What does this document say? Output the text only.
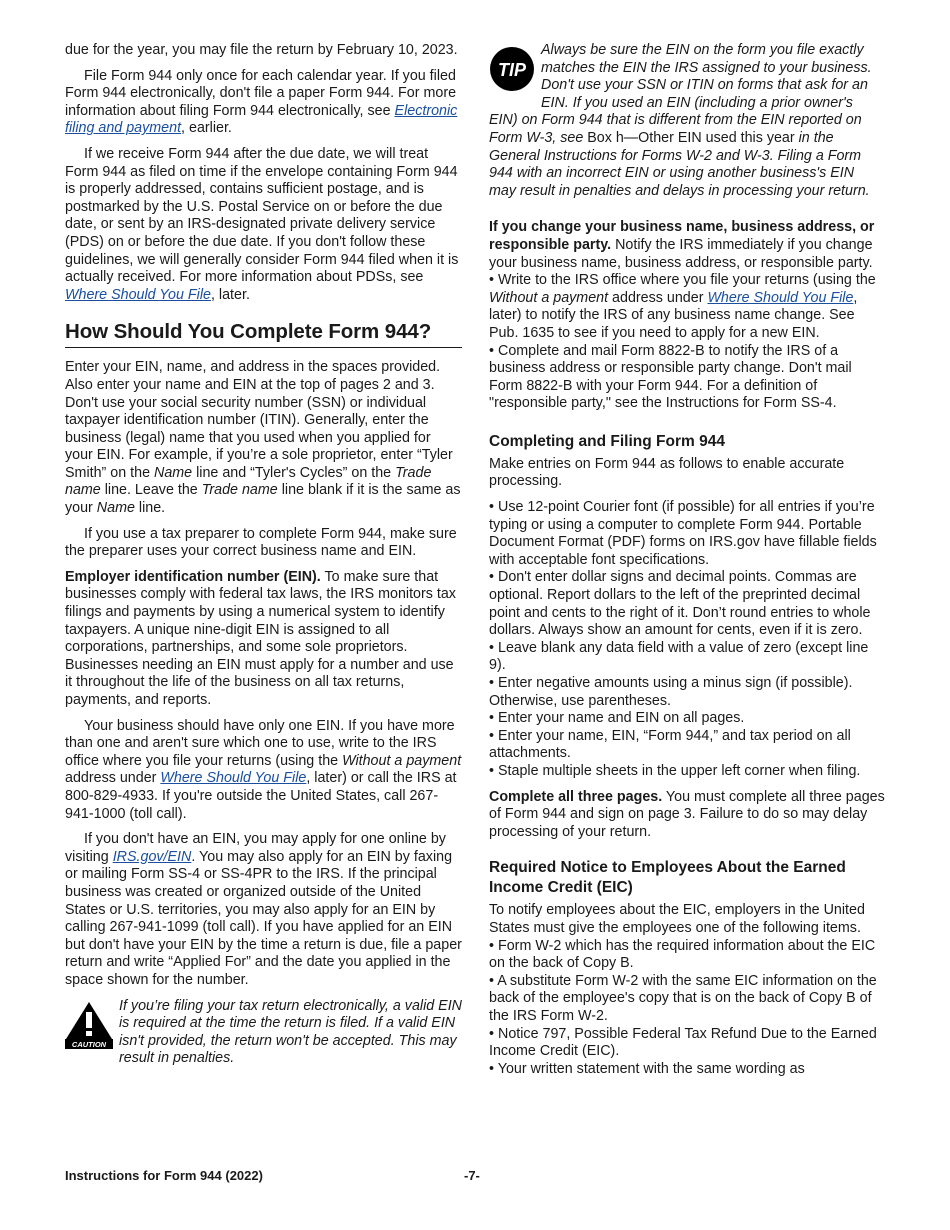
due for the year, you may file the return by February 10, 2023.

File Form 944 only once for each calendar year. If you filed Form 944 electronically, don't file a paper Form 944. For more information about filing Form 944 electronically, see Electronic filing and payment, earlier.

If we receive Form 944 after the due date, we will treat Form 944 as filed on time if the envelope containing Form 944 is properly addressed, contains sufficient postage, and is postmarked by the U.S. Postal Service on or before the due date, or sent by an IRS-designated private delivery service (PDS) on or before the due date. If you don't follow these guidelines, we will generally consider Form 944 filed when it is actually received. For more information about PDSs, see Where Should You File, later.

How Should You Complete Form 944?

Enter your EIN, name, and address in the spaces provided. Also enter your name and EIN at the top of pages 2 and 3. Don't use your social security number (SSN) or individual taxpayer identification number (ITIN). Generally, enter the business (legal) name that you used when you applied for your EIN. For example, if you’re a sole proprietor, enter “Tyler Smith” on the Name line and “Tyler's Cycles” on the Trade name line. Leave the Trade name line blank if it is the same as your Name line.

If you use a tax preparer to complete Form 944, make sure the preparer uses your correct business name and EIN.

Employer identification number (EIN). To make sure that businesses comply with federal tax laws, the IRS monitors tax filings and payments by using a numerical system to identify taxpayers. A unique nine-digit EIN is assigned to all corporations, partnerships, and some sole proprietors. Businesses needing an EIN must apply for a number and use it throughout the life of the business on all tax returns, payments, and reports.

Your business should have only one EIN. If you have more than one and aren't sure which one to use, write to the IRS office where you file your returns (using the Without a payment address under Where Should You File, later) or call the IRS at 800-829-4933. If you're outside the United States, call 267-941-1000 (toll call).

If you don't have an EIN, you may apply for one online by visiting IRS.gov/EIN. You may also apply for an EIN by faxing or mailing Form SS-4 or SS-4PR to the IRS. If the principal business was created or organized outside of the United States or U.S. territories, you may also apply for an EIN by calling 267-941-1099 (toll call). If you have applied for an EIN but don't have your EIN by the time a return is due, file a paper return and write “Applied For” and the date you applied in the space shown for the number.

CAUTION
If you’re filing your tax return electronically, a valid EIN is required at the time the return is filed. If a valid EIN isn't provided, the return won't be accepted. This may result in penalties.
TIP
Always be sure the EIN on the form you file exactly matches the EIN the IRS assigned to your business. Don't use your SSN or ITIN on forms that ask for an EIN. If you used an EIN (including a prior owner's EIN) on Form 944 that is different from the EIN reported on Form W-3, see Box h—Other EIN used this year in the General Instructions for Forms W-2 and W-3. Filing a Form 944 with an incorrect EIN or using another business's EIN may result in penalties and delays in processing your return.

If you change your business name, business address, or responsible party. Notify the IRS immediately if you change your business name, business address, or responsible party.

• Write to the IRS office where you file your returns (using the Without a payment address under Where Should You File, later) to notify the IRS of any business name change. See Pub. 1635 to see if you need to apply for a new EIN.

• Complete and mail Form 8822-B to notify the IRS of a business address or responsible party change. Don't mail Form 8822-B with your Form 944. For a definition of "responsible party," see the Instructions for Form SS-4.

Completing and Filing Form 944

Make entries on Form 944 as follows to enable accurate processing.

• Use 12-point Courier font (if possible) for all entries if you’re typing or using a computer to complete Form 944. Portable Document Format (PDF) forms on IRS.gov have fillable fields with acceptable font specifications.

• Don't enter dollar signs and decimal points. Commas are optional. Report dollars to the left of the preprinted decimal point and cents to the right of it. Don’t round entries to whole dollars. Always show an amount for cents, even if it is zero.

• Leave blank any data field with a value of zero (except line 9).

• Enter negative amounts using a minus sign (if possible). Otherwise, use parentheses.

• Enter your name and EIN on all pages.

• Enter your name, EIN, “Form 944,” and tax period on all attachments.

• Staple multiple sheets in the upper left corner when filing.

Complete all three pages. You must complete all three pages of Form 944 and sign on page 3. Failure to do so may delay processing of your return.

Required Notice to Employees About the Earned Income Credit (EIC)

To notify employees about the EIC, employers in the United States must give the employees one of the following items.

• Form W-2 which has the required information about the EIC on the back of Copy B.

• A substitute Form W-2 with the same EIC information on the back of the employee's copy that is on the back of Copy B of the IRS Form W-2.

• Notice 797, Possible Federal Tax Refund Due to the Earned Income Credit (EIC).

• Your written statement with the same wording as

Instructions for Form 944 (2022)	-7-
